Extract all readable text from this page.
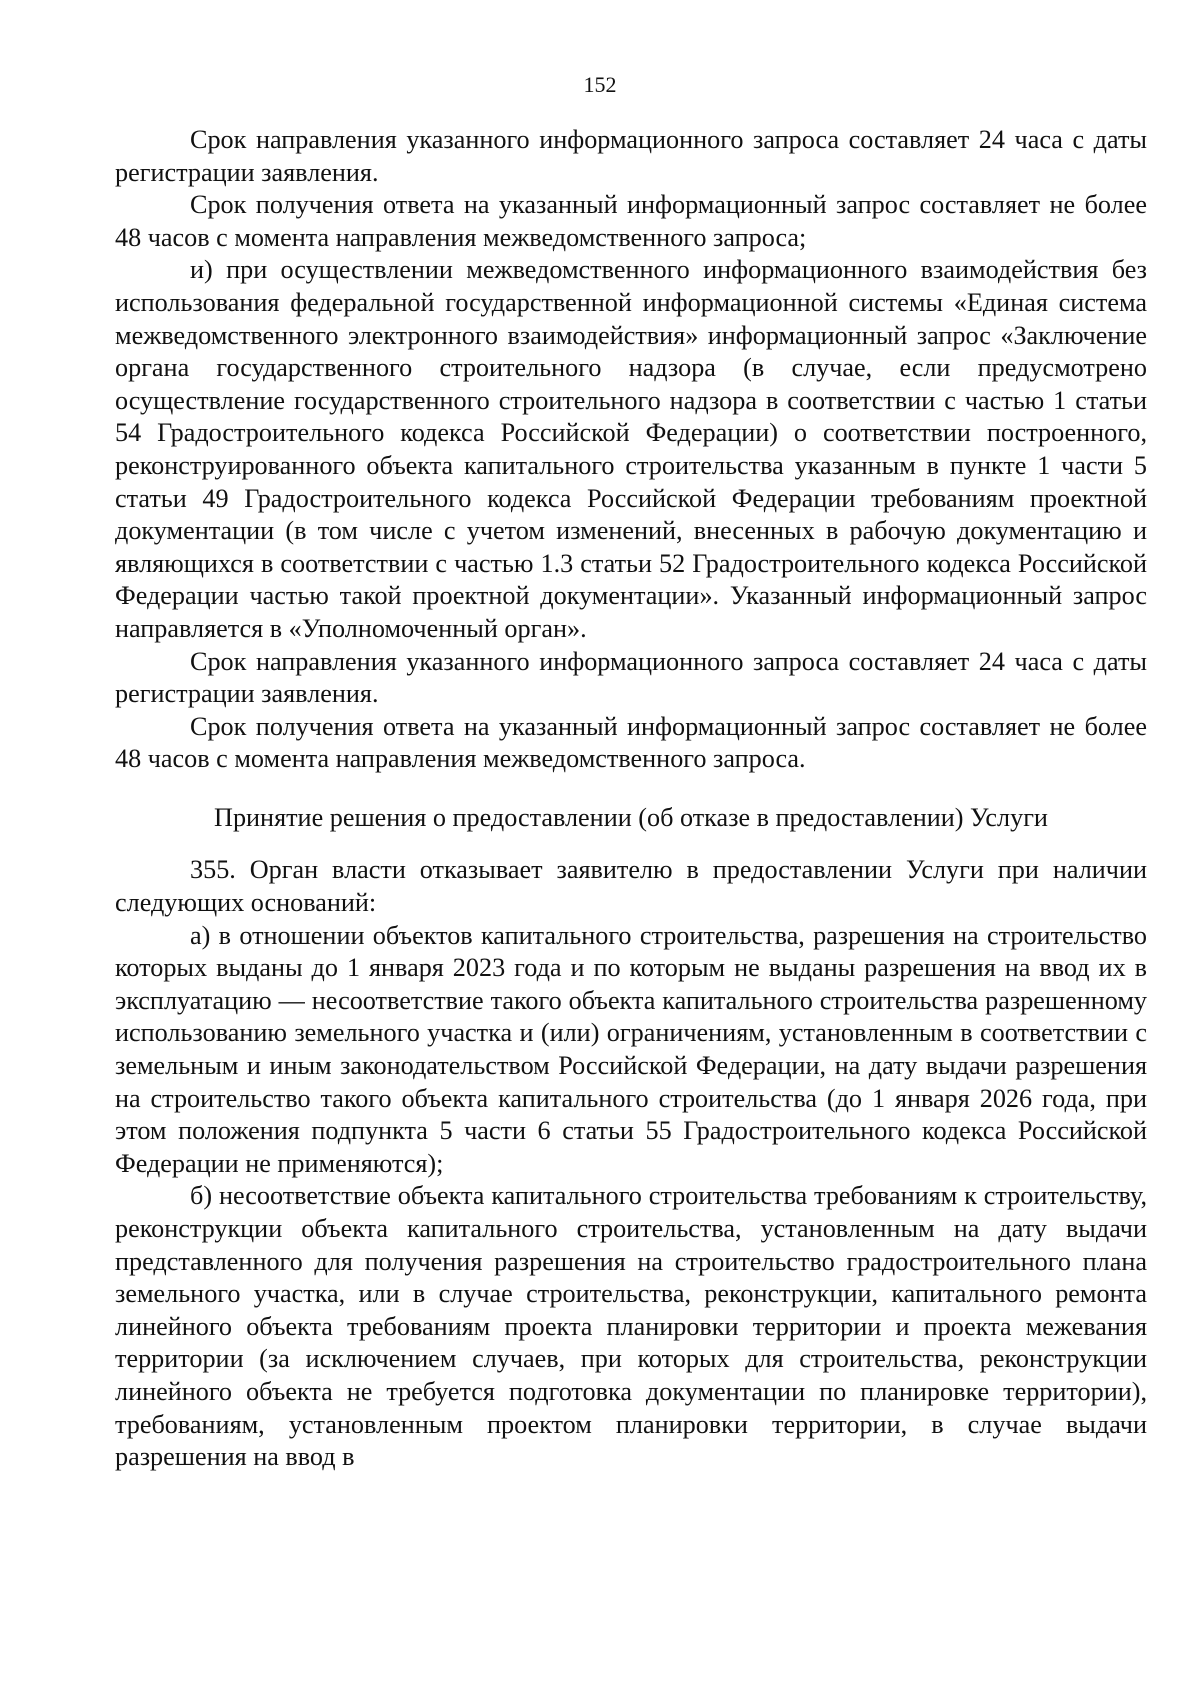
152

Срок направления указанного информационного запроса составляет 24 часа с даты регистрации заявления.

Срок получения ответа на указанный информационный запрос составляет не более 48 часов с момента направления межведомственного запроса;

и) при осуществлении межведомственного информационного взаимодействия без использования федеральной государственной информационной системы «Единая система межведомственного электронного взаимодействия» информационный запрос «Заключение органа государственного строительного надзора (в случае, если предусмотрено осуществление государственного строительного надзора в соответствии с частью 1 статьи 54 Градостроительного кодекса Российской Федерации) о соответствии построенного, реконструированного объекта капитального строительства указанным в пункте 1 части 5 статьи 49 Градостроительного кодекса Российской Федерации требованиям проектной документации (в том числе с учетом изменений, внесенных в рабочую документацию и являющихся в соответствии с частью 1.3 статьи 52 Градостроительного кодекса Российской Федерации частью такой проектной документации». Указанный информационный запрос направляется в «Уполномоченный орган».

Срок направления указанного информационного запроса составляет 24 часа с даты регистрации заявления.

Срок получения ответа на указанный информационный запрос составляет не более 48 часов с момента направления межведомственного запроса.

Принятие решения о предоставлении (об отказе в предоставлении) Услуги

355. Орган власти отказывает заявителю в предоставлении Услуги при наличии следующих оснований:

а) в отношении объектов капитального строительства, разрешения на строительство которых выданы до 1 января 2023 года и по которым не выданы разрешения на ввод их в эксплуатацию — несоответствие такого объекта капитального строительства разрешенному использованию земельного участка и (или) ограничениям, установленным в соответствии с земельным и иным законодательством Российской Федерации, на дату выдачи разрешения на строительство такого объекта капитального строительства (до 1 января 2026 года, при этом положения подпункта 5 части 6 статьи 55 Градостроительного кодекса Российской Федерации не применяются);

б) несоответствие объекта капитального строительства требованиям к строительству, реконструкции объекта капитального строительства, установленным на дату выдачи представленного для получения разрешения на строительство градостроительного плана земельного участка, или в случае строительства, реконструкции, капитального ремонта линейного объекта требованиям проекта планировки территории и проекта межевания территории (за исключением случаев, при которых для строительства, реконструкции линейного объекта не требуется подготовка документации по планировке территории), требованиям, установленным проектом планировки территории, в случае выдачи разрешения на ввод в
